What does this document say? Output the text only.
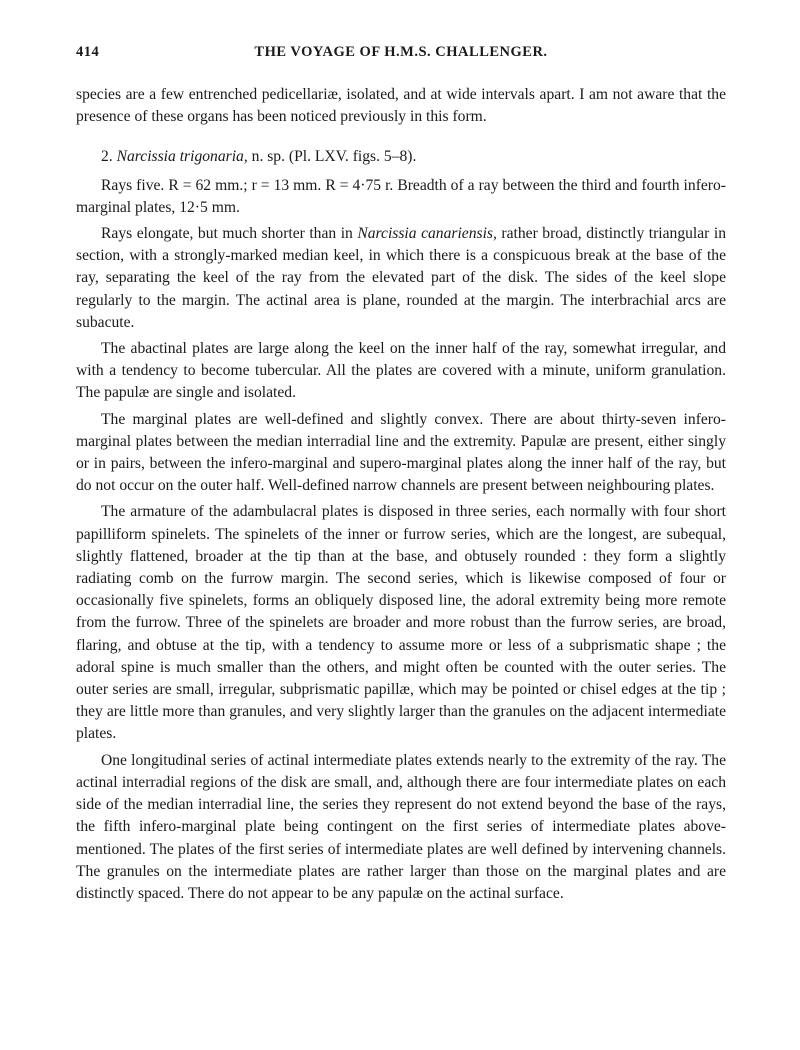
414	THE VOYAGE OF H.M.S. CHALLENGER.

species are a few entrenched pedicellariæ, isolated, and at wide intervals apart. I am not aware that the presence of these organs has been noticed previously in this form.

2. Narcissia trigonaria, n. sp. (Pl. LXV. figs. 5–8).

Rays five. R = 62 mm.; r = 13 mm. R = 4·75 r. Breadth of a ray between the third and fourth infero-marginal plates, 12·5 mm.

Rays elongate, but much shorter than in Narcissia canariensis, rather broad, distinctly triangular in section, with a strongly-marked median keel, in which there is a conspicuous break at the base of the ray, separating the keel of the ray from the elevated part of the disk. The sides of the keel slope regularly to the margin. The actinal area is plane, rounded at the margin. The interbrachial arcs are subacute.

The abactinal plates are large along the keel on the inner half of the ray, somewhat irregular, and with a tendency to become tubercular. All the plates are covered with a minute, uniform granulation. The papulæ are single and isolated.

The marginal plates are well-defined and slightly convex. There are about thirty-seven infero-marginal plates between the median interradial line and the extremity. Papulæ are present, either singly or in pairs, between the infero-marginal and supero-marginal plates along the inner half of the ray, but do not occur on the outer half. Well-defined narrow channels are present between neighbouring plates.

The armature of the adambulacral plates is disposed in three series, each normally with four short papilliform spinelets. The spinelets of the inner or furrow series, which are the longest, are subequal, slightly flattened, broader at the tip than at the base, and obtusely rounded : they form a slightly radiating comb on the furrow margin. The second series, which is likewise composed of four or occasionally five spinelets, forms an obliquely disposed line, the adoral extremity being more remote from the furrow. Three of the spinelets are broader and more robust than the furrow series, are broad, flaring, and obtuse at the tip, with a tendency to assume more or less of a subprismatic shape ; the adoral spine is much smaller than the others, and might often be counted with the outer series. The outer series are small, irregular, subprismatic papillæ, which may be pointed or chisel edges at the tip ; they are little more than granules, and very slightly larger than the granules on the adjacent intermediate plates.

One longitudinal series of actinal intermediate plates extends nearly to the extremity of the ray. The actinal interradial regions of the disk are small, and, although there are four intermediate plates on each side of the median interradial line, the series they represent do not extend beyond the base of the rays, the fifth infero-marginal plate being contingent on the first series of intermediate plates above-mentioned. The plates of the first series of intermediate plates are well defined by intervening channels. The granules on the intermediate plates are rather larger than those on the marginal plates and are distinctly spaced. There do not appear to be any papulæ on the actinal surface.
